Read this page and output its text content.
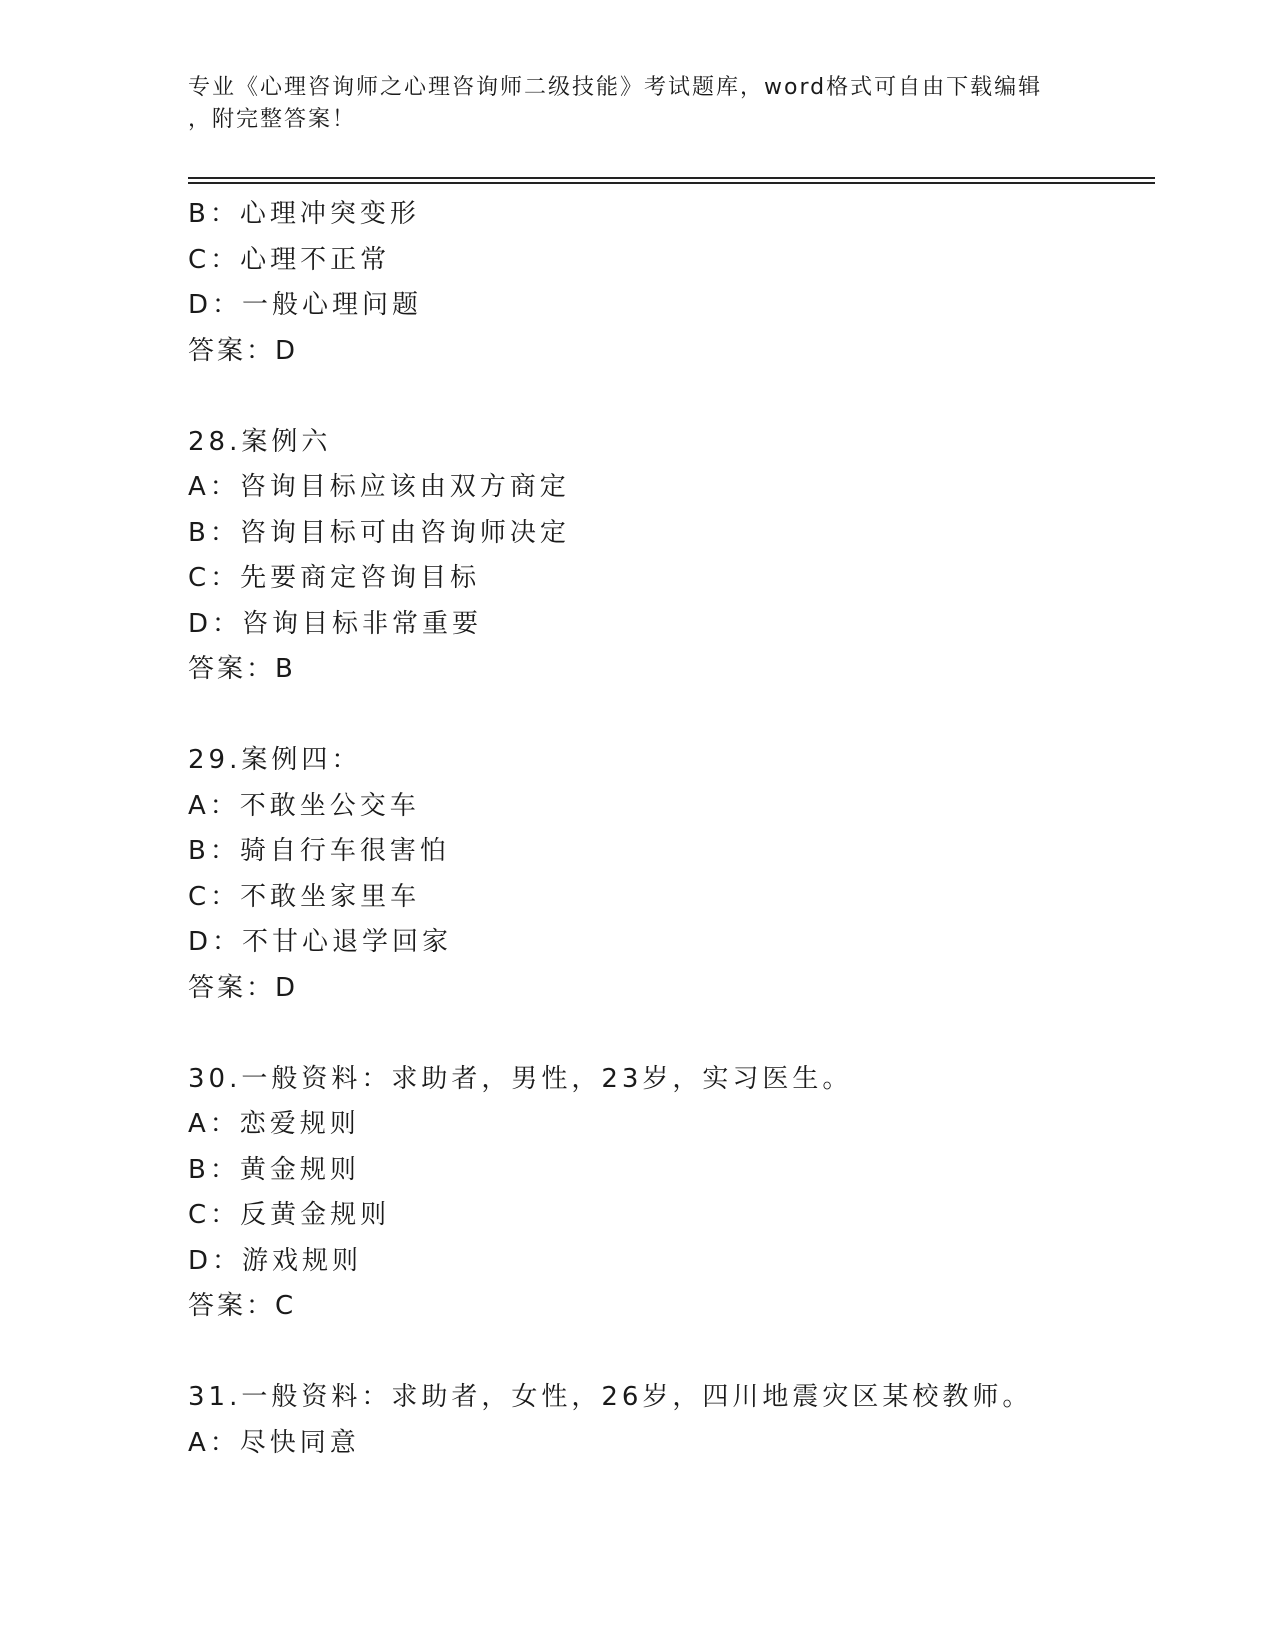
专业《心理咨询师之心理咨询师二级技能》考试题库，word格式可自由下载编辑
，附完整答案！
B：心理冲突变形
C：心理不正常
D：一般心理问题
答案：D
28.案例六
A：咨询目标应该由双方商定
B：咨询目标可由咨询师决定
C：先要商定咨询目标
D：咨询目标非常重要
答案：B
29.案例四：
A：不敢坐公交车
B：骑自行车很害怕
C：不敢坐家里车
D：不甘心退学回家
答案：D
30.一般资料：求助者，男性，23岁，实习医生。
A：恋爱规则
B：黄金规则
C：反黄金规则
D：游戏规则
答案：C
31.一般资料：求助者，女性，26岁，四川地震灾区某校教师。
A：尽快同意
